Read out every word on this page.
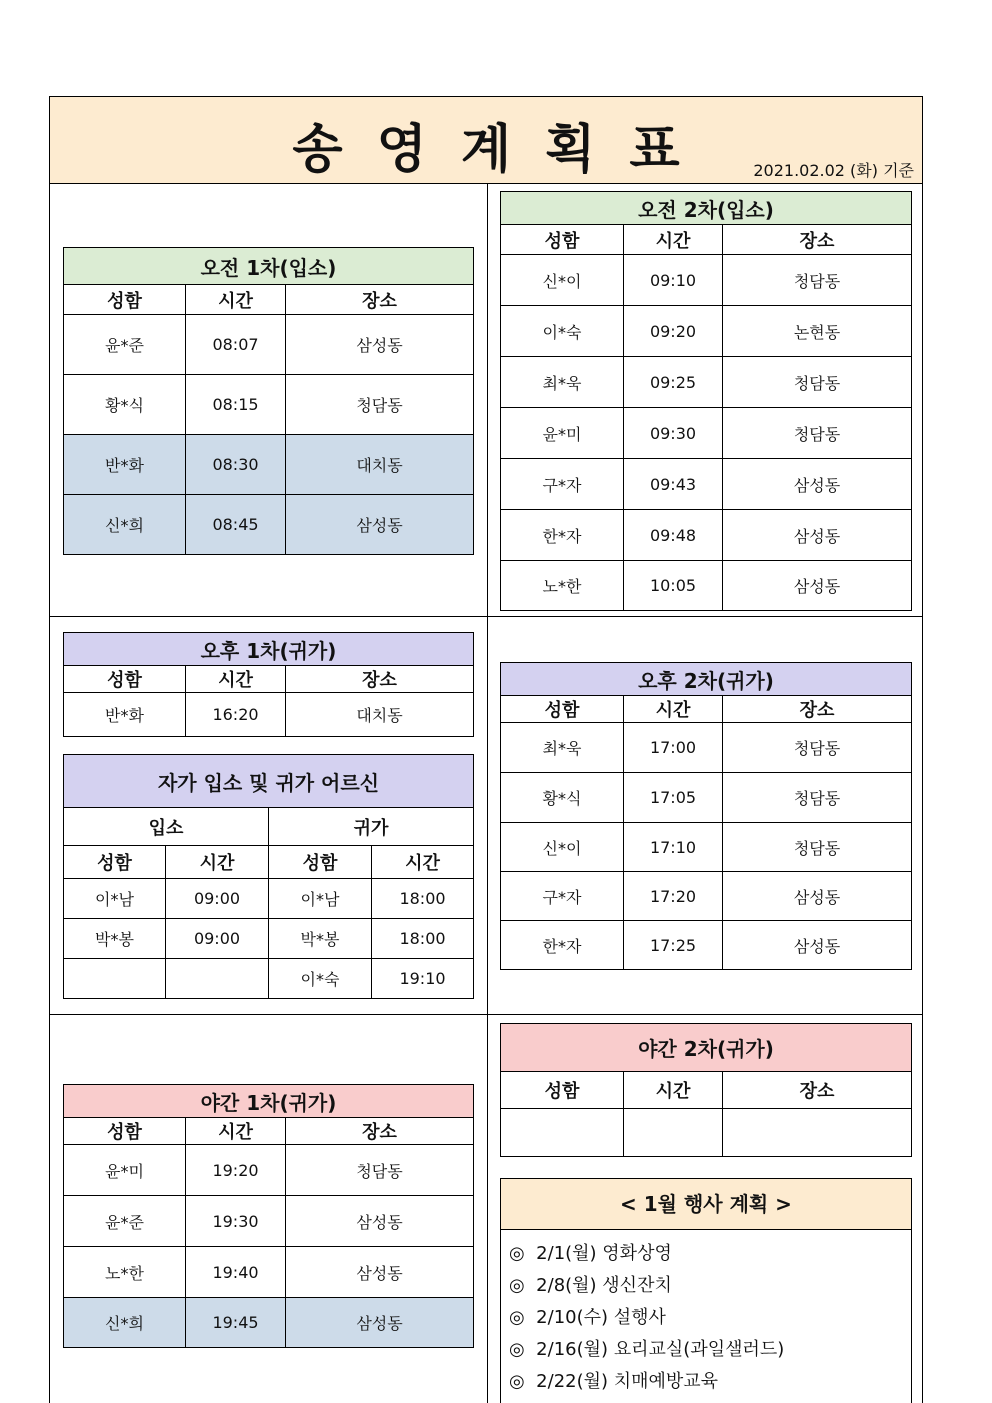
송영계획표	2021.02.02 (화) 기준
오전 1차(입소)		
성함	시간	장소
윤*준	08:07	삼성동
황*식	08:15	청담동
반*화	08:30	대치동
신*희	08:45	삼성동
오전 2차(입소)		
성함	시간	장소
신*이	09:10	청담동
이*숙	09:20	논현동
최*욱	09:25	청담동
윤*미	09:30	청담동
구*자	09:43	삼성동
한*자	09:48	삼성동
노*한	10:05	삼성동
오후 1차(귀가)		
성함	시간	장소
반*화	16:20	대치동
자가 입소 및 귀가 어르신			
입소		귀가	
성함	시간	성함	시간
이*남	09:00	이*남	18:00
박*봉	09:00	박*봉	18:00
		이*숙	19:10
오후 2차(귀가)		
성함	시간	장소
최*욱	17:00	청담동
황*식	17:05	청담동
신*이	17:10	청담동
구*자	17:20	삼성동
한*자	17:25	삼성동
야간 1차(귀가)		
성함	시간	장소
윤*미	19:20	청담동
윤*준	19:30	삼성동
노*한	19:40	삼성동
신*희	19:45	삼성동
야간 2차(귀가)		
성함	시간	장소

< 1월 행사 계획 >
◎ 2/1(월) 영화상영
◎ 2/8(월) 생신잔치
◎ 2/10(수) 설행사
◎ 2/16(월) 요리교실(과일샐러드)
◎ 2/22(월) 치매예방교육
